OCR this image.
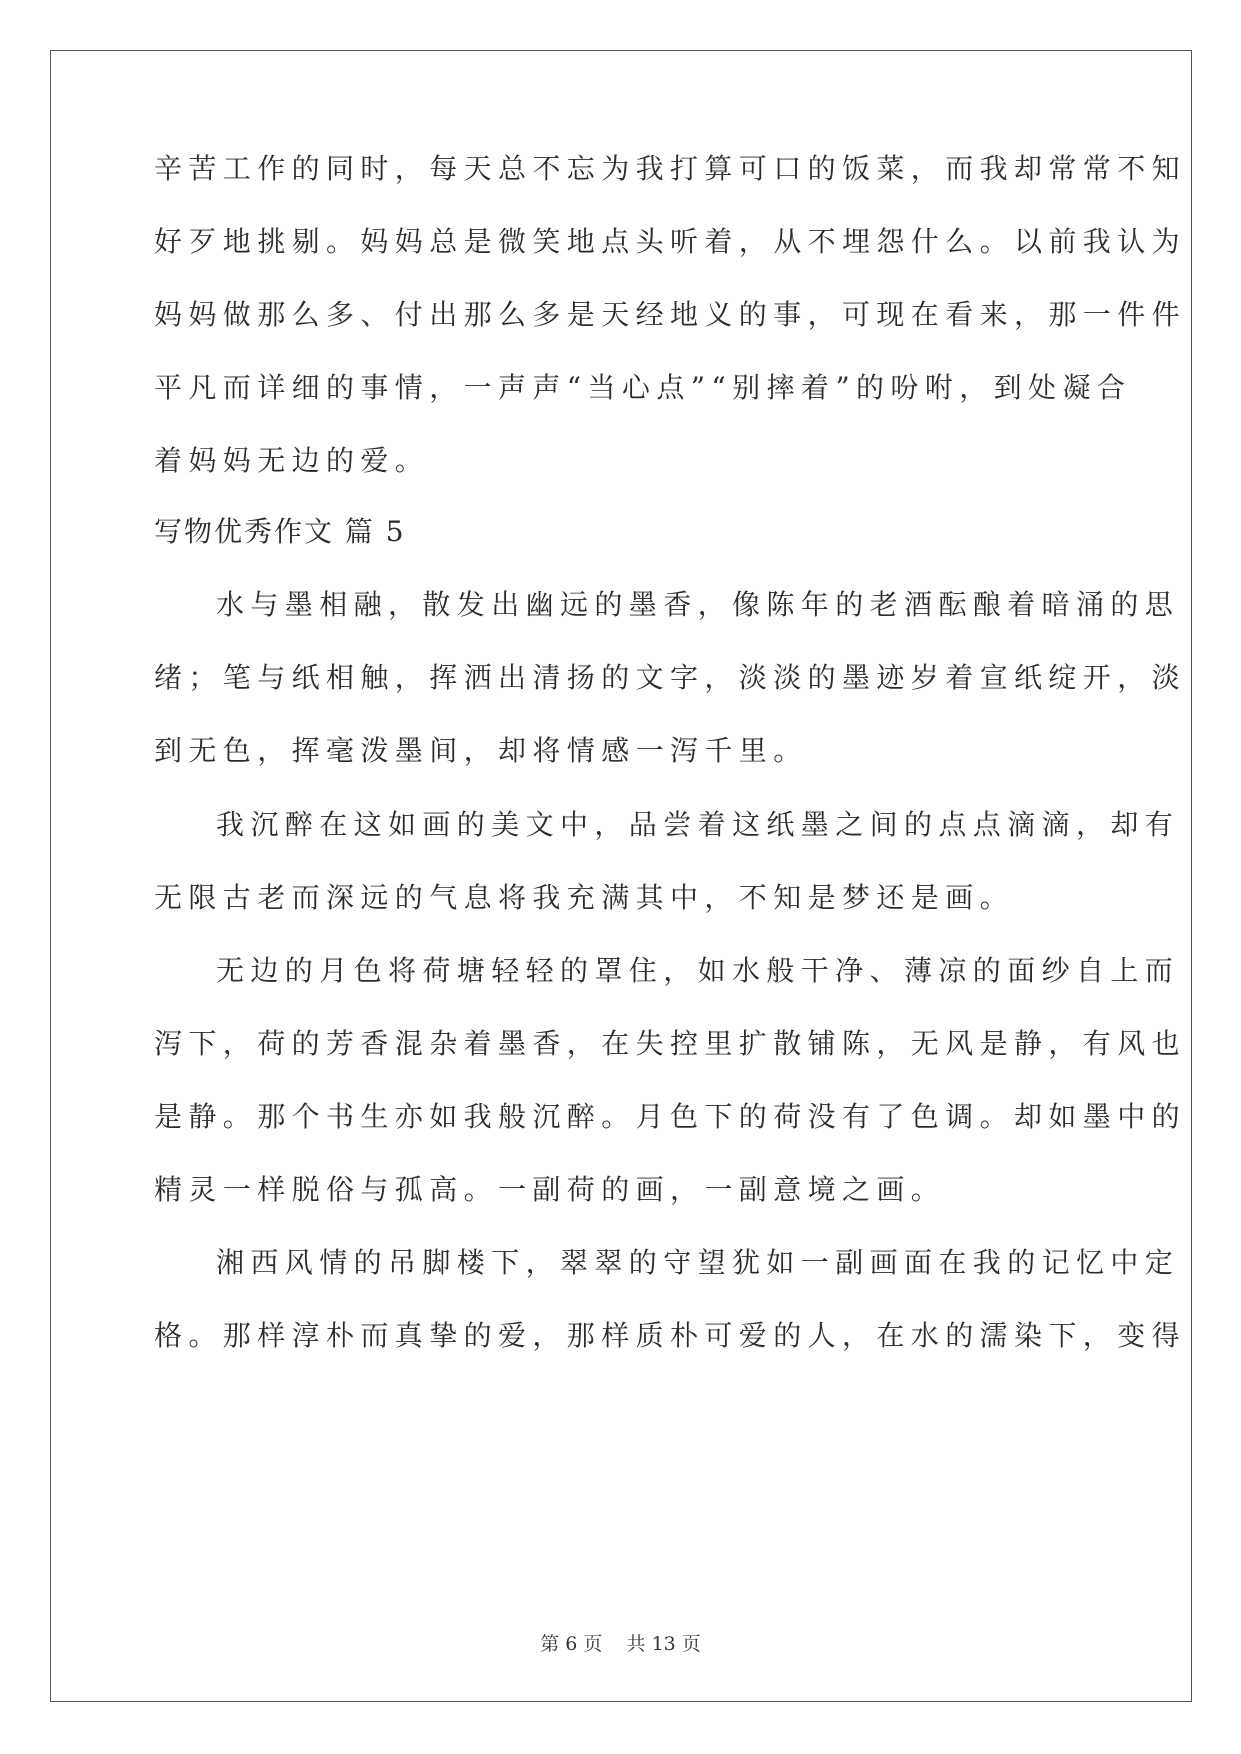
辛苦工作的同时，每天总不忘为我打算可口的饭菜，而我却常常不知
好歹地挑剔。妈妈总是微笑地点头听着，从不埋怨什么。以前我认为
妈妈做那么多、付出那么多是天经地义的事，可现在看来，那一件件
平凡而详细的事情，一声声“当心点”“别摔着”的吩咐，到处凝合
着妈妈无边的爱。
写物优秀作文 篇 5
水与墨相融，散发出幽远的墨香，像陈年的老酒酝酿着暗涌的思
绪；笔与纸相触，挥洒出清扬的文字，淡淡的墨迹岁着宣纸绽开，淡
到无色，挥毫泼墨间，却将情感一泻千里。
我沉醉在这如画的美文中，品尝着这纸墨之间的点点滴滴，却有
无限古老而深远的气息将我充满其中，不知是梦还是画。
无边的月色将荷塘轻轻的罩住，如水般干净、薄凉的面纱自上而
泻下，荷的芳香混杂着墨香，在失控里扩散铺陈，无风是静，有风也
是静。那个书生亦如我般沉醉。月色下的荷没有了色调。却如墨中的
精灵一样脱俗与孤高。一副荷的画，一副意境之画。
湘西风情的吊脚楼下，翠翠的守望犹如一副画面在我的记忆中定
格。那样淳朴而真挚的爱，那样质朴可爱的人，在水的濡染下，变得
第 6 页    共 13 页
